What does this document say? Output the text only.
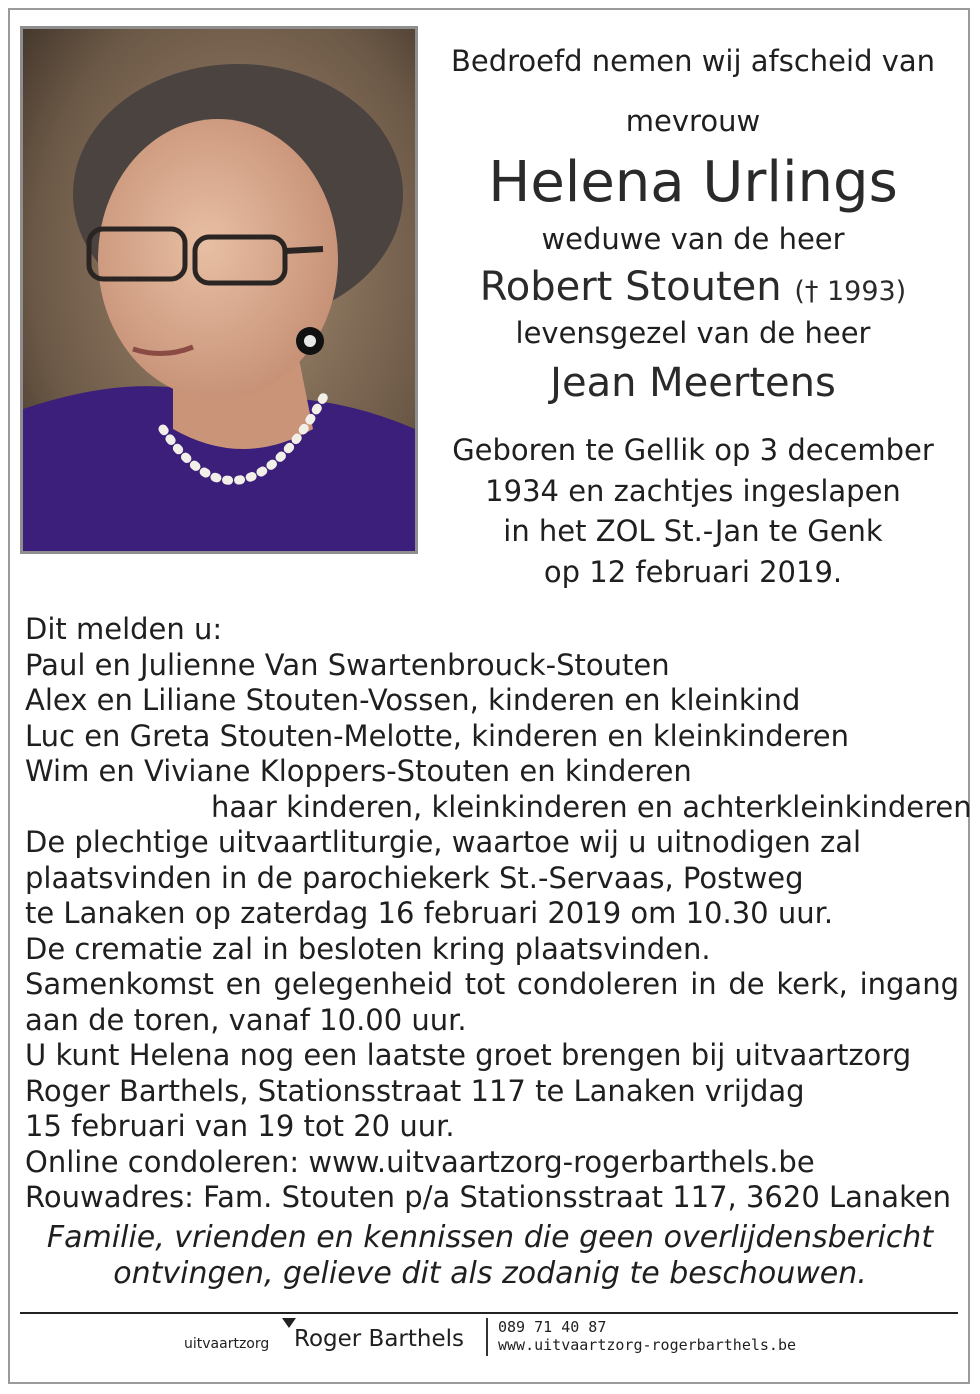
Bedroefd nemen wij afscheid van
mevrouw
Helena Urlings
weduwe van de heer
Robert Stouten († 1993)
levensgezel van de heer
Jean Meertens
Geboren te Gellik op 3 december
1934 en zachtjes ingeslapen
in het ZOL St.-Jan te Genk
op 12 februari 2019.
Dit melden u:
Paul en Julienne Van Swartenbrouck-Stouten
Alex en Liliane Stouten-Vossen, kinderen en kleinkind
Luc en Greta Stouten-Melotte, kinderen en kleinkinderen
Wim en Viviane Kloppers-Stouten en kinderen
haar kinderen, kleinkinderen en achterkleinkinderen
De plechtige uitvaartliturgie, waartoe wij u uitnodigen zal
plaatsvinden in de parochiekerk St.-Servaas, Postweg
te Lanaken op zaterdag 16 februari 2019 om 10.30 uur.
De crematie zal in besloten kring plaatsvinden.
Samenkomst en gelegenheid tot condoleren in de kerk, ingang
aan de toren, vanaf 10.00 uur.
U kunt Helena nog een laatste groet brengen bij uitvaartzorg
Roger Barthels, Stationsstraat 117 te Lanaken vrijdag
15 februari van 19 tot 20 uur.
Online condoleren: www.uitvaartzorg-rogerbarthels.be
Rouwadres: Fam. Stouten p/a Stationsstraat 117, 3620 Lanaken
Familie, vrienden en kennissen die geen overlijdensbericht
ontvingen, gelieve dit als zodanig te beschouwen.
uitvaartzorg Roger Barthels 089 71 40 87
www.uitvaartzorg-rogerbarthels.be
